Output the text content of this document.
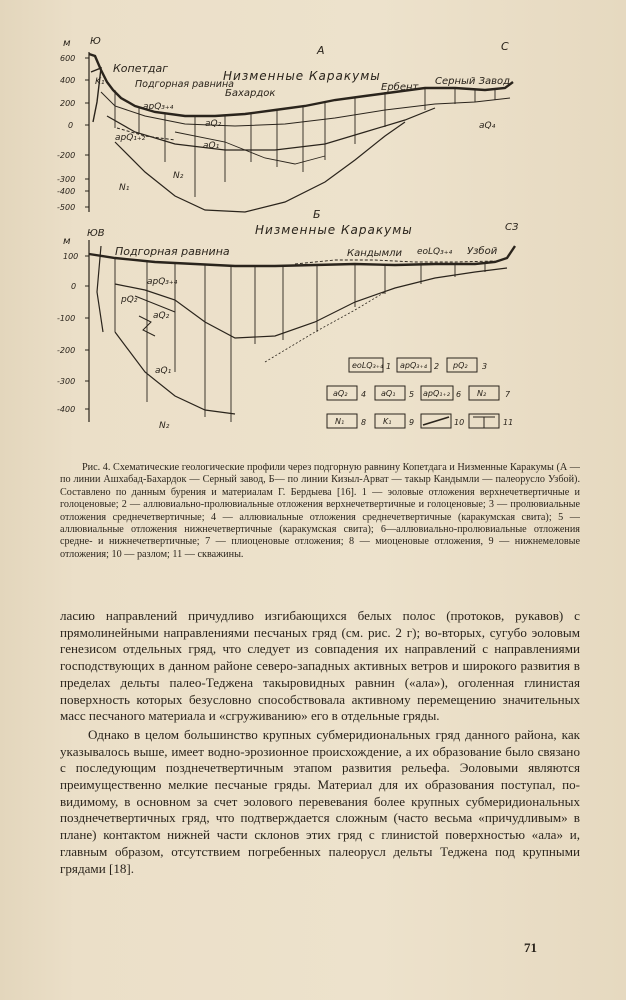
м Ю	С
А
600
400
200
0
-200
-300
-400
-500
Копетдаг
Подгорная равнина
Низменные Каракумы
Бахардок
Ербент
Серный Завод
K₁
apQ₃₊₄
aQ₂
apQ₁₊₂
aQ₁
N₁
N₂
aQ₄
Б
Низменные Каракумы
м
ЮВ
СЗ
100
0
-100
-200
-300
-400
Подгорная равнина	Кандымли eoLQ₃₊₄ Узбой
apQ₃₊₄
pQ₂
aQ₂
aQ₁
N₂
eoLQ₃₊₄ 1 apQ₃₊₄ 2 pQ₂ 3
aQ₂ 4 aQ₁ 5 apQ₁₊₂ 6 N₂ 7
N₁ 8 K₁ 9	10	11
Рис. 4. Схематические геологические профили через подгорную равнину Копетдага и Низменные Каракумы (А — по линии Ашхабад-Бахардок — Серный завод, Б— по линии Кизыл-Арват — такыр Кандымли — палеорусло Узбой). Составлено по данным бурения и материалам Г. Бердыева [16]. 1 — эоловые отложения верхнечетвертичные и голоценовые; 2 — аллювиально-пролювиальные отложения верхнечетвертичные и голоценовые; 3 — пролювиальные отложения среднечетвертичные; 4 — аллювиальные отложения среднечетвертичные (каракумская свита); 5 — аллювиальные отложения нижнечетвертичные (каракумская свита); 6—аллювиально-пролювиальные отложения средне- и нижнечетвертичные; 7 — плиоценовые отложения; 8 — миоценовые отложения, 9 — нижнемеловые отложения; 10 — разлом; 11 — скважины.

ласию направлений причудливо изгибающихся белых полос (протоков, рукавов) с прямолинейными направлениями песчаных гряд (см. рис. 2 г); во-вторых, сугубо эоловым генезисом отдельных гряд, что следует из совпадения их направлений с направлениями господствующих в данном районе северо-западных активных ветров и широкого развития в пределах дельты палео-Теджена такыровидных равнин («ала»), оголенная глинистая поверхность которых безусловно способствовала активному перемещению значительных масс песчаного материала и «сгруживанию» его в отдельные гряды.

Однако в целом большинство крупных субмеридиональных гряд данного района, как указывалось выше, имеет водно-эрозионное происхождение, а их образование было связано с последующим позднечетвертичным этапом развития рельефа. Эоловыми являются преимущественно мелкие песчаные гряды. Материал для их образования поступал, по-видимому, в основном за счет эолового перевевания более крупных субмеридиональных позднечетвертичных гряд, что подтверждается сложным (часто весьма «причудливым» в плане) контактом нижней части склонов этих гряд с глинистой поверхностью «ала» и, главным образом, отсутствием погребенных палеорусл дельты Теджена под крупными грядами [18].

71
